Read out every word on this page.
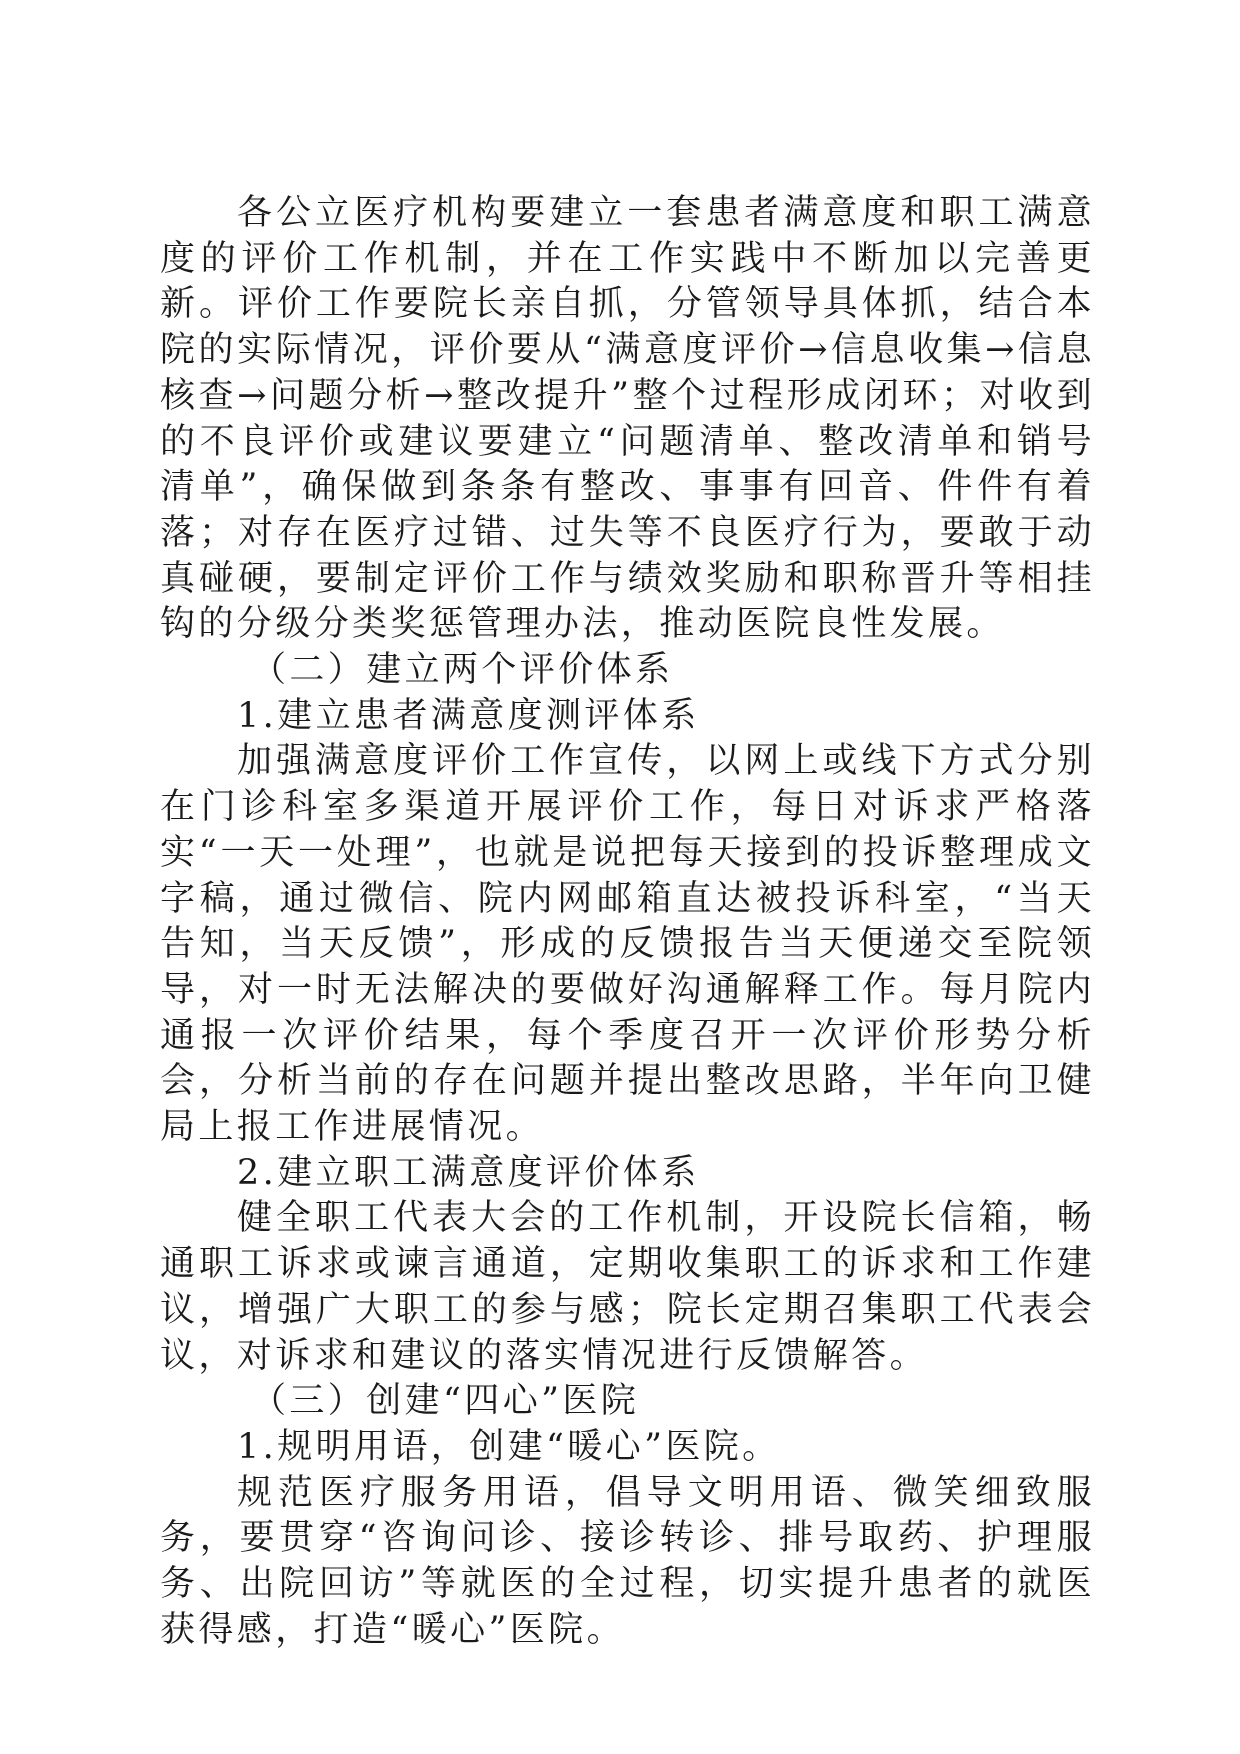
各公立医疗机构要建立一套患者满意度和职工满意度的评价工作机制，并在工作实践中不断加以完善更新。评价工作要院长亲自抓，分管领导具体抓，结合本院的实际情况，评价要从“满意度评价→信息收集→信息核查→问题分析→整改提升”整个过程形成闭环；对收到的不良评价或建议要建立“问题清单、整改清单和销号清单”，确保做到条条有整改、事事有回音、件件有着落；对存在医疗过错、过失等不良医疗行为，要敢于动真碰硬，要制定评价工作与绩效奖励和职称晋升等相挂钩的分级分类奖惩管理办法，推动医院良性发展。

（二）建立两个评价体系

1.建立患者满意度测评体系

加强满意度评价工作宣传，以网上或线下方式分别在门诊科室多渠道开展评价工作，每日对诉求严格落实“一天一处理”，也就是说把每天接到的投诉整理成文字稿，通过微信、院内网邮箱直达被投诉科室，“当天告知，当天反馈”，形成的反馈报告当天便递交至院领导，对一时无法解决的要做好沟通解释工作。每月院内通报一次评价结果，每个季度召开一次评价形势分析会，分析当前的存在问题并提出整改思路，半年向卫健局上报工作进展情况。

2.建立职工满意度评价体系

健全职工代表大会的工作机制，开设院长信箱，畅通职工诉求或谏言通道，定期收集职工的诉求和工作建议，增强广大职工的参与感；院长定期召集职工代表会议，对诉求和建议的落实情况进行反馈解答。

（三）创建“四心”医院

1.规明用语，创建“暖心”医院。

规范医疗服务用语，倡导文明用语、微笑细致服务，要贯穿“咨询问诊、接诊转诊、排号取药、护理服务、出院回访”等就医的全过程，切实提升患者的就医获得感，打造“暖心”医院。
